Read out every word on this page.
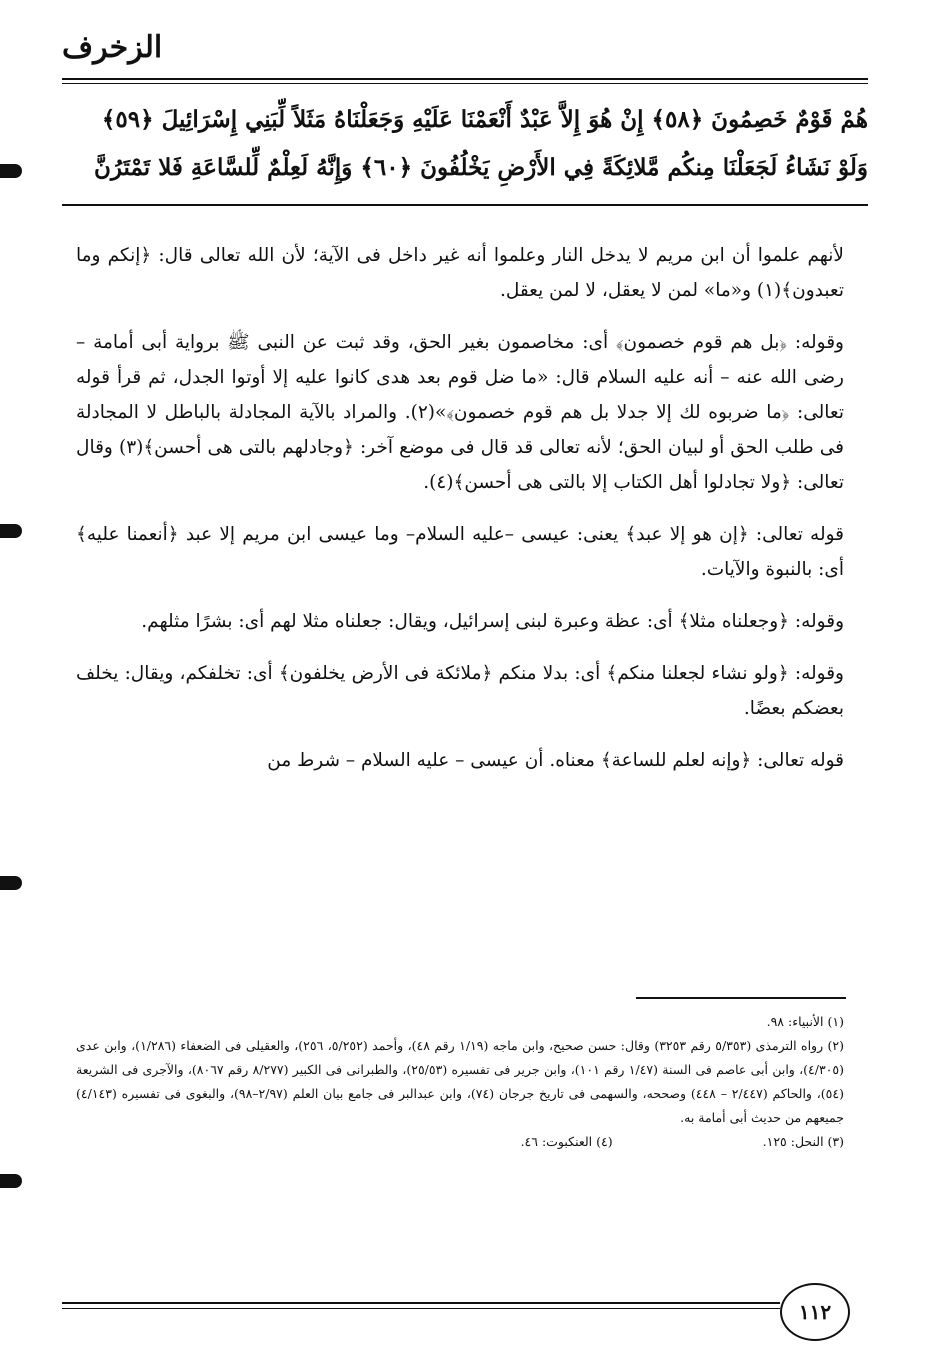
الزخرف
هُمْ قَوْمٌ خَصِمُونَ ﴿٥٨﴾ إِنْ هُوَ إِلاَّ عَبْدٌ أَنْعَمْنَا عَلَيْهِ وَجَعَلْنَاهُ مَثَلاً لِّبَنِي إِسْرَائِيلَ ﴿٥٩﴾
وَلَوْ نَشَاءُ لَجَعَلْنَا مِنكُم مَّلائِكَةً فِي الأَرْضِ يَخْلُفُونَ ﴿٦٠﴾ وَإِنَّهُ لَعِلْمٌ لِّلسَّاعَةِ فَلا تَمْتَرُنَّ

لأنهم علموا أن ابن مريم لا يدخل النار وعلموا أنه غير داخل فى الآية؛ لأن الله تعالى قال: ﴿إنكم وما تعبدون﴾(١) و«ما» لمن لا يعقل، لا لمن يعقل.

وقوله: ﴿بل هم قوم خصمون﴾ أى: مخاصمون بغير الحق، وقد ثبت عن النبى ﷺ برواية أبى أمامة – رضى الله عنه – أنه عليه السلام قال: «ما ضل قوم بعد هدى كانوا عليه إلا أوتوا الجدل، ثم قرأ قوله تعالى: ﴿ما ضربوه لك إلا جدلا بل هم قوم خصمون﴾»(٢). والمراد بالآية المجادلة بالباطل لا المجادلة فى طلب الحق أو لبيان الحق؛ لأنه تعالى قد قال فى موضع آخر: ﴿وجادلهم بالتى هى أحسن﴾(٣) وقال تعالى: ﴿ولا تجادلوا أهل الكتاب إلا بالتى هى أحسن﴾(٤).

قوله تعالى: ﴿إن هو إلا عبد﴾ يعنى: عيسى –عليه السلام– وما عيسى ابن مريم إلا عبد ﴿أنعمنا عليه﴾ أى: بالنبوة والآيات.

وقوله: ﴿وجعلناه مثلا﴾ أى: عظة وعبرة لبنى إسرائيل، ويقال: جعلناه مثلا لهم أى: بشرًا مثلهم.

وقوله: ﴿ولو نشاء لجعلنا منكم﴾ أى: بدلا منكم ﴿ملائكة فى الأرض يخلفون﴾ أى: تخلفكم، ويقال: يخلف بعضكم بعضًا.

قوله تعالى: ﴿وإنه لعلم للساعة﴾ معناه. أن عيسى – عليه السلام – شرط من

(١) الأنبياء: ٩٨.

(٢) رواه الترمذى (٥/٣٥٣ رقم ٣٢٥٣) وقال: حسن صحيح، وابن ماجه (١/١٩ رقم ٤٨)، وأحمد (٥/٢٥٢، ٢٥٦)، والعقيلى فى الضعفاء (١/٢٨٦)، وابن عدى (٤/٣٠٥)، وابن أبى عاصم فى السنة (١/٤٧ رقم ١٠١)، وابن جرير فى تفسيره (٢٥/٥٣)، والطبرانى فى الكبير (٨/٢٧٧ رقم ٨٠٦٧)، والآجرى فى الشريعة (٥٤)، والحاكم (٢/٤٤٧ – ٤٤٨) وصححه، والسهمى فى تاريخ جرجان (٧٤)، وابن عبدالبر فى جامع بيان العلم (٢/٩٧–٩٨)، والبغوى فى تفسيره (٤/١٤٣) جميعهم من حديث أبى أمامة به.

(٣) النحل: ١٢٥.
(٤) العنكبوت: ٤٦.
١١٢
